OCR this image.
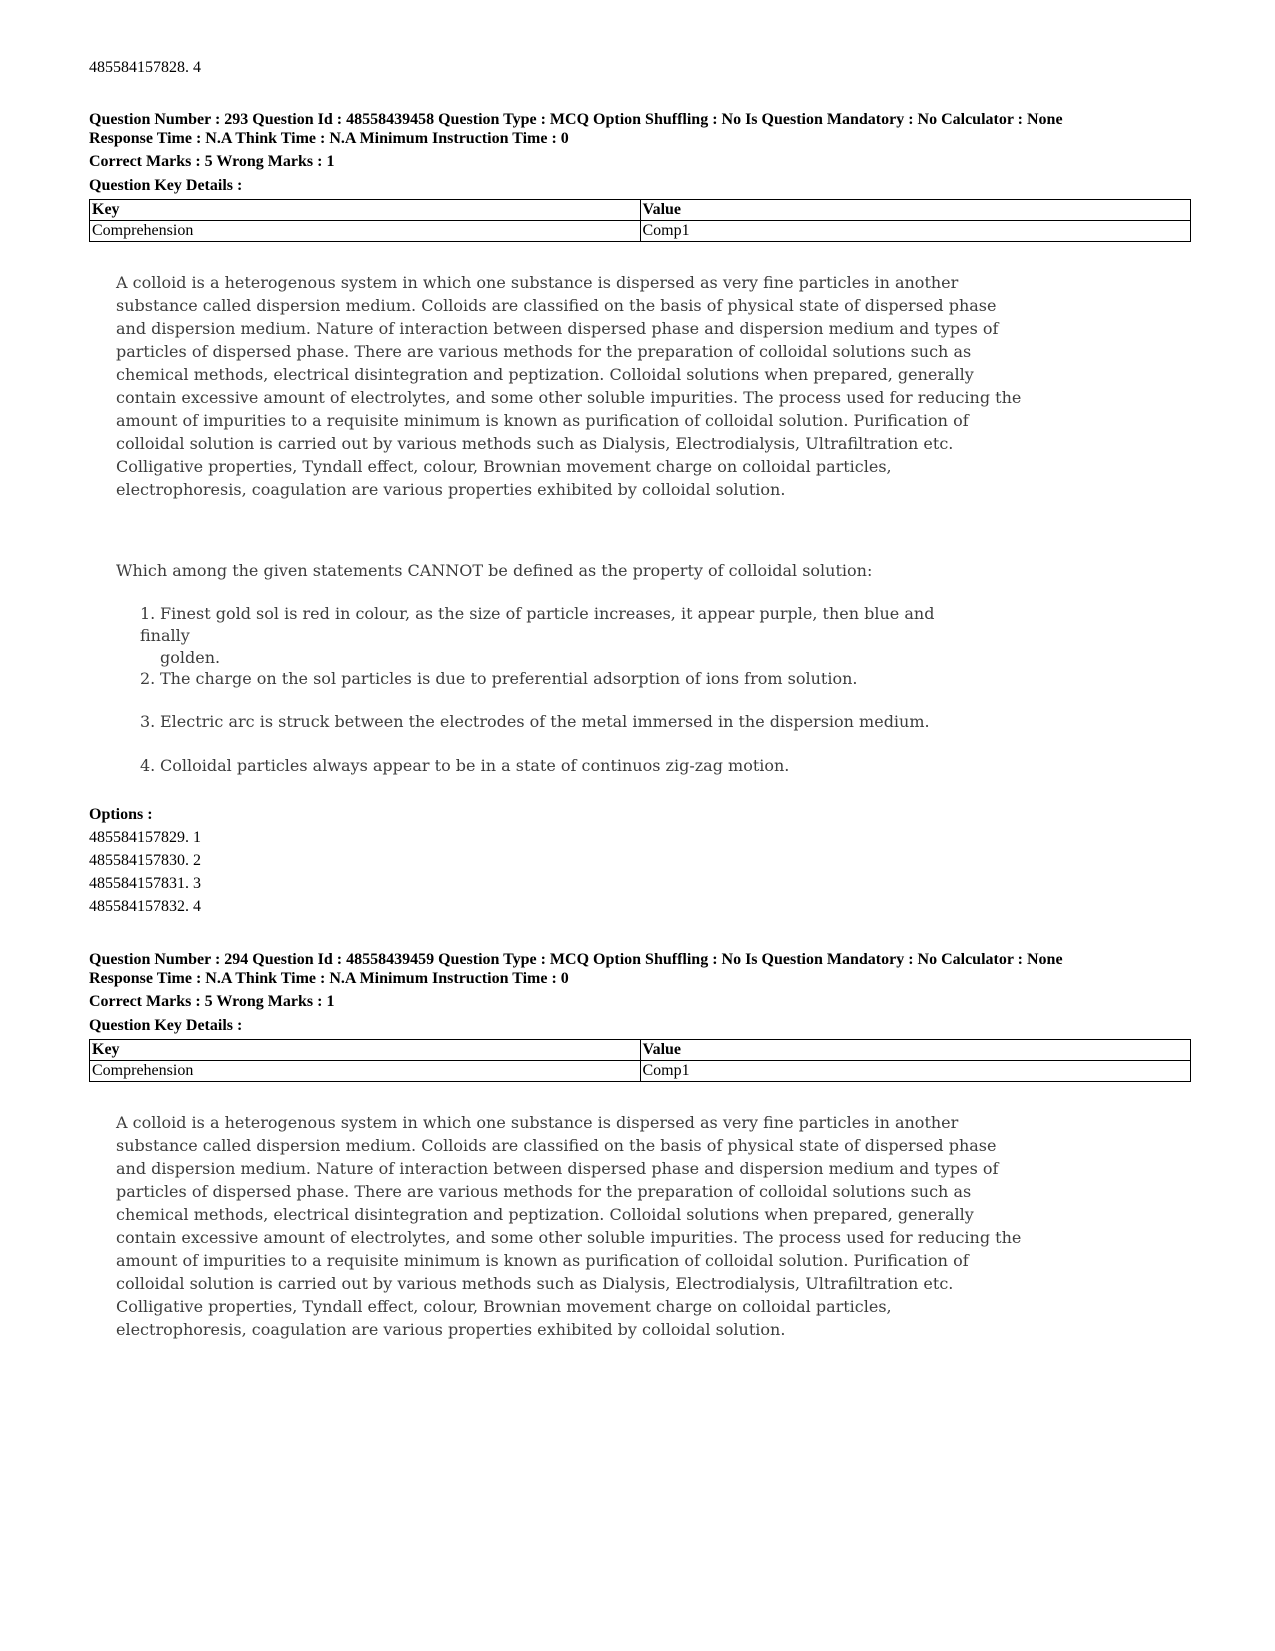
485584157828. 4
Question Number : 293 Question Id : 48558439458 Question Type : MCQ Option Shuffling : No Is Question Mandatory : No Calculator : None
Response Time : N.A Think Time : N.A Minimum Instruction Time : 0
Correct Marks : 5 Wrong Marks : 1
Question Key Details :
Key	Value
Comprehension	Comp1

A colloid is a heterogenous system in which one substance is dispersed as very fine particles in another

substance called dispersion medium. Colloids are classified on the basis of physical state of dispersed phase

and dispersion medium. Nature of interaction between dispersed phase and dispersion medium and types of

particles of dispersed phase. There are various methods for the preparation of colloidal solutions such as

chemical methods, electrical disintegration and peptization. Colloidal solutions when prepared, generally

contain excessive amount of electrolytes, and some other soluble impurities. The process used for reducing the

amount of impurities to a requisite minimum is known as purification of colloidal solution. Purification of

colloidal solution is carried out by various methods such as Dialysis, Electrodialysis, Ultrafiltration etc.

Colligative properties, Tyndall effect, colour, Brownian movement charge on colloidal particles,

electrophoresis, coagulation are various properties exhibited by colloidal solution.

Which among the given statements CANNOT be defined as the property of colloidal solution:
1. Finest gold sol is red in colour, as the size of particle increases, it appear purple, then blue and finally
golden.
2. The charge on the sol particles is due to preferential adsorption of ions from solution.
3. Electric arc is struck between the electrodes of the metal immersed in the dispersion medium.
4. Colloidal particles always appear to be in a state of continuos zig-zag motion.
Options :
485584157829. 1
485584157830. 2
485584157831. 3
485584157832. 4
Question Number : 294 Question Id : 48558439459 Question Type : MCQ Option Shuffling : No Is Question Mandatory : No Calculator : None
Response Time : N.A Think Time : N.A Minimum Instruction Time : 0
Correct Marks : 5 Wrong Marks : 1
Question Key Details :
Key	Value
Comprehension	Comp1

A colloid is a heterogenous system in which one substance is dispersed as very fine particles in another

substance called dispersion medium. Colloids are classified on the basis of physical state of dispersed phase

and dispersion medium. Nature of interaction between dispersed phase and dispersion medium and types of

particles of dispersed phase. There are various methods for the preparation of colloidal solutions such as

chemical methods, electrical disintegration and peptization. Colloidal solutions when prepared, generally

contain excessive amount of electrolytes, and some other soluble impurities. The process used for reducing the

amount of impurities to a requisite minimum is known as purification of colloidal solution. Purification of

colloidal solution is carried out by various methods such as Dialysis, Electrodialysis, Ultrafiltration etc.

Colligative properties, Tyndall effect, colour, Brownian movement charge on colloidal particles,

electrophoresis, coagulation are various properties exhibited by colloidal solution.
